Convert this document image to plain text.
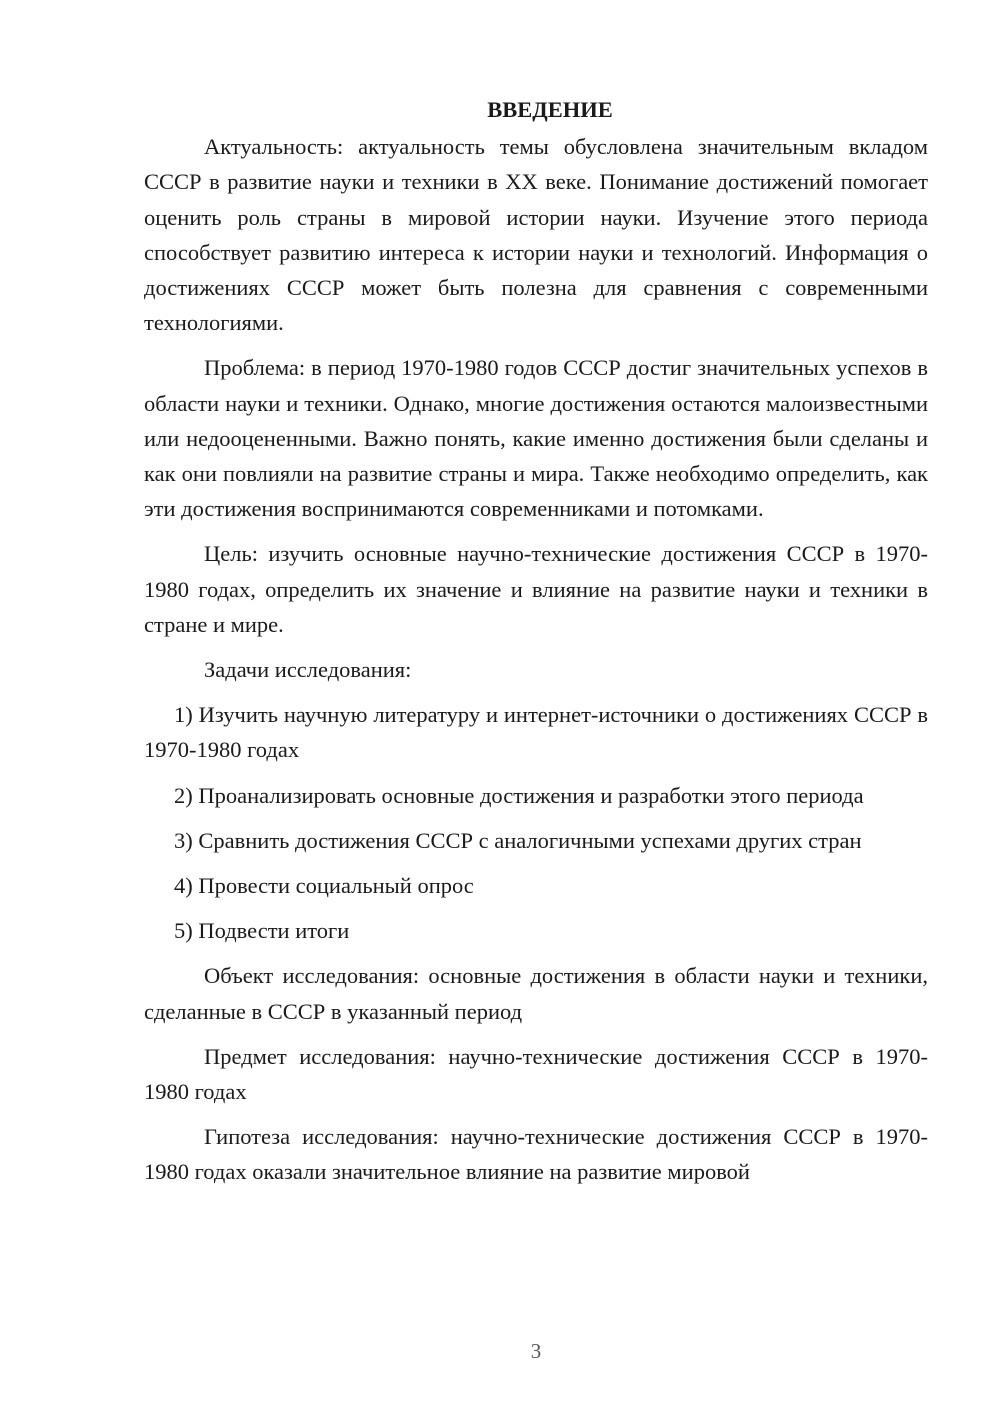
ВВЕДЕНИЕ

Актуальность: актуальность темы обусловлена значительным вкладом СССР в развитие науки и техники в XX веке. Понимание достижений помогает оценить роль страны в мировой истории науки. Изучение этого периода способствует развитию интереса к истории науки и технологий. Информация о достижениях СССР может быть полезна для сравнения с современными технологиями.

Проблема: в период 1970-1980 годов СССР достиг значительных успехов в области науки и техники. Однако, многие достижения остаются малоизвестными или недооцененными. Важно понять, какие именно достижения были сделаны и как они повлияли на развитие страны и мира. Также необходимо определить, как эти достижения воспринимаются современниками и потомками.

Цель: изучить основные научно-технические достижения СССР в 1970-1980 годах, определить их значение и влияние на развитие науки и техники в стране и мире.

Задачи исследования:

1) Изучить научную литературу и интернет-источники о достижениях СССР в 1970-1980 годах

2) Проанализировать основные достижения и разработки этого периода

3) Сравнить достижения СССР с аналогичными успехами других стран

4) Провести социальный опрос

5) Подвести итоги

Объект исследования: основные достижения в области науки и техники, сделанные в СССР в указанный период

Предмет исследования: научно-технические достижения СССР в 1970-1980 годах

Гипотеза исследования: научно-технические достижения СССР в 1970-1980 годах оказали значительное влияние на развитие мировой

3
